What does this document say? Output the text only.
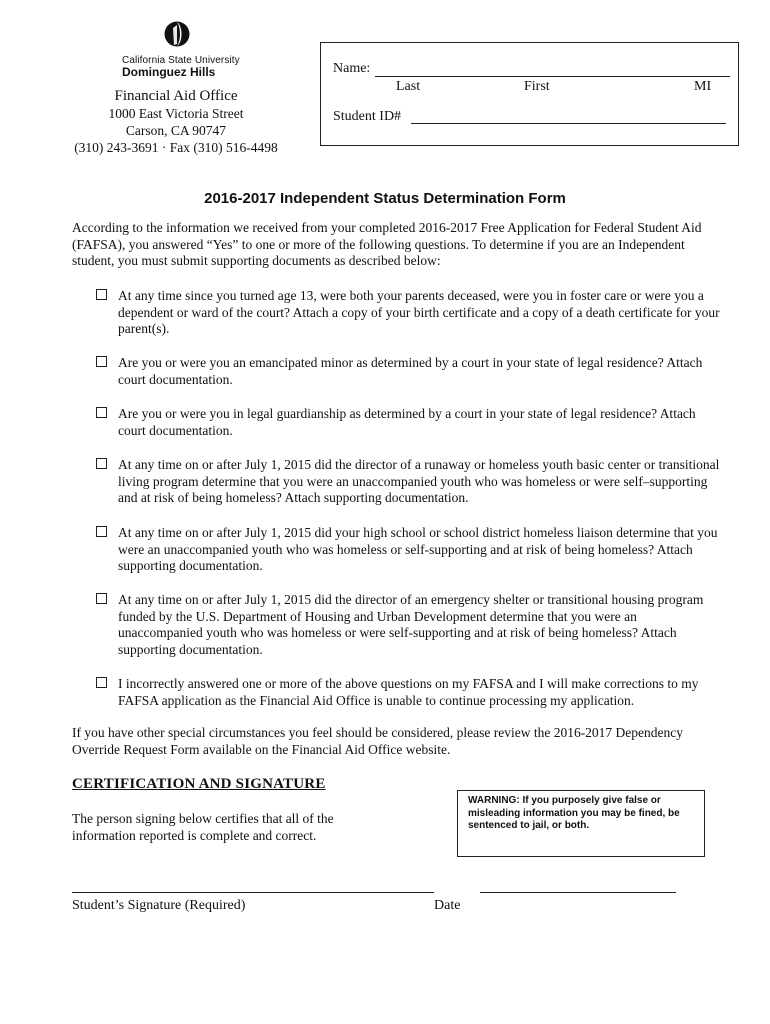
California State University
Dominguez Hills
Financial Aid Office
1000 East Victoria Street
Carson, CA 90747
(310) 243-3691 · Fax (310) 516-4498
Name:
Last	First	MI
Student ID#
2016-2017 Independent Status Determination Form
According to the information we received from your completed 2016-2017 Free Application for Federal Student Aid (FAFSA), you answered “Yes” to one or more of the following questions. To determine if you are an Independent student, you must submit supporting documents as described below:
At any time since you turned age 13, were both your parents deceased, were you in foster care or were you a dependent or ward of the court? Attach a copy of your birth certificate and a copy of a death certificate for your parent(s).
Are you or were you an emancipated minor as determined by a court in your state of legal residence? Attach court documentation.
Are you or were you in legal guardianship as determined by a court in your state of legal residence? Attach court documentation.
At any time on or after July 1, 2015 did the director of a runaway or homeless youth basic center or transitional living program determine that you were an unaccompanied youth who was homeless or were self–supporting and at risk of being homeless? Attach supporting documentation.
At any time on or after July 1, 2015 did your high school or school district homeless liaison determine that you were an unaccompanied youth who was homeless or self-supporting and at risk of being homeless? Attach supporting documentation.
At any time on or after July 1, 2015 did the director of an emergency shelter or transitional housing program funded by the U.S. Department of Housing and Urban Development determine that you were an unaccompanied youth who was homeless or were self-supporting and at risk of being homeless? Attach supporting documentation.
I incorrectly answered one or more of the above questions on my FAFSA and I will make corrections to my FAFSA application as the Financial Aid Office is unable to continue processing my application.
If you have other special circumstances you feel should be considered, please review the 2016-2017 Dependency Override Request Form available on the Financial Aid Office website.
CERTIFICATION AND SIGNATURE
The person signing below certifies that all of the information reported is complete and correct.
WARNING: If you purposely give false or misleading information you may be fined, be sentenced to jail, or both.
Student’s Signature (Required)	Date
